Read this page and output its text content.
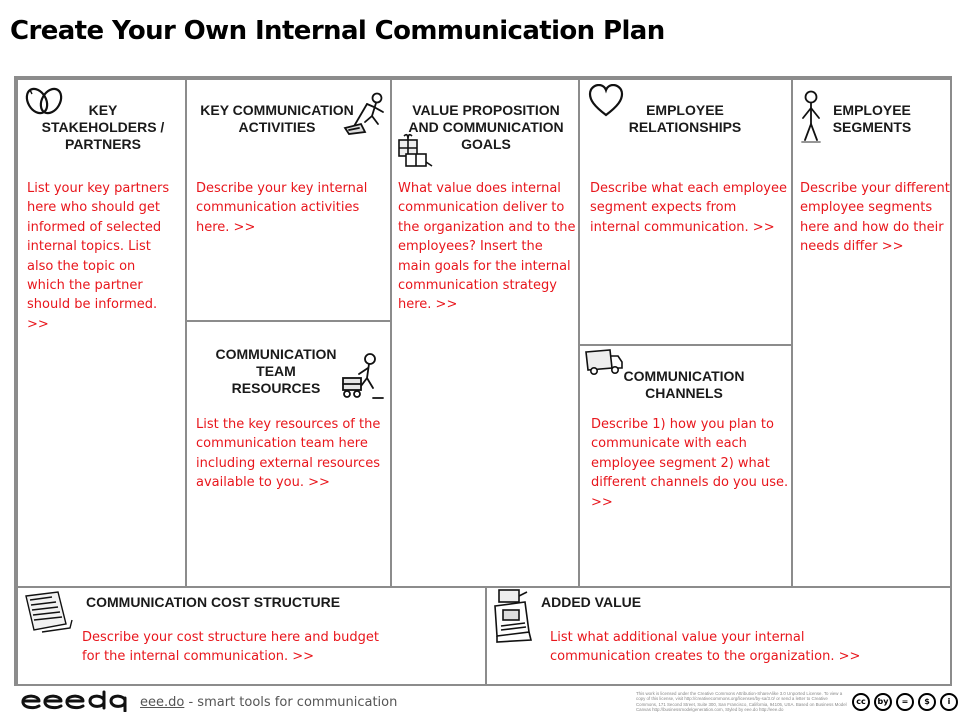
Create Your Own Internal Communication Plan
KEY STAKEHOLDERS / PARTNERS
List your key partners here who should get informed of selected internal topics. List also the topic on which the partner should be informed. >>
KEY COMMUNICATION ACTIVITIES
Describe your key internal communication activities here. >>
COMMUNICATION TEAM RESOURCES
List the key resources of the communication team here including external resources available to you. >>
VALUE PROPOSITION AND COMMUNICATION GOALS
What value does internal communication deliver to the organization and to the employees? Insert the main goals for the internal communication strategy here. >>
EMPLOYEE RELATIONSHIPS
Describe what each employee segment expects from internal communication. >>
COMMUNICATION CHANNELS
Describe 1) how you plan to communicate with each employee segment 2) what different channels do you use. >>
EMPLOYEE SEGMENTS
Describe your different employee segments here and how do their needs differ >>
COMMUNICATION COST STRUCTURE
Describe your cost structure here and budget for the internal communication. >>
ADDED VALUE
List what additional value your internal communication creates to the organization. >>
eee.do - smart tools for communication
This work is licensed under the Creative Commons Attribution-ShareAlike 3.0 Unported License. To view a copy of this license, visit http://creativecommons.org/licenses/by-sa/3.0/ or send a letter to Creative Commons, 171 Second Street, Suite 300, San Francisco, California, 94105, USA. Based on Business Model Canvas http://businessmodelgeneration.com, Styled by eee.do http://eee.do
cc	by	=	$	i
